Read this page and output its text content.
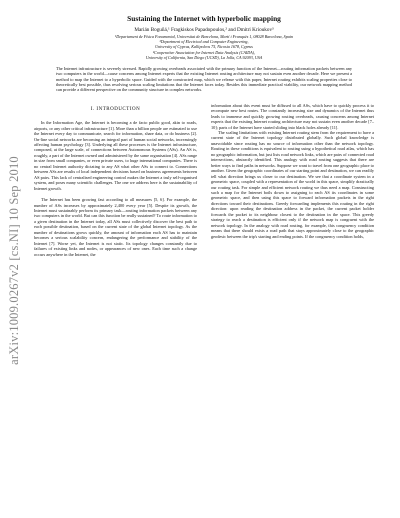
arXiv:1009.0267v2 [cs.NI] 10 Sep 2010
Sustaining the Internet with hyperbolic mapping
Marián Boguñá,¹ Fragkiskos Papadopoulos,² and Dmitri Krioukov³
¹Departament de Física Fonamental, Universitat de Barcelona, Martí i Franquès 1, 08028 Barcelona, Spain
²Department of Electrical and Computer Engineering,
University of Cyprus, Kallipoleos 75, Nicosia 1678, Cyprus
³Cooperative Association for Internet Data Analysis (CAIDA),
University of California, San Diego (UCSD), La Jolla, CA 92093, USA
The Internet infrastructure is severely stressed. Rapidly growing overheads associated with the primary function of the Internet—routing information packets between any two computers in the world—cause concerns among Internet experts that the existing Internet routing architecture may not sustain even another decade. Here we present a method to map the Internet to a hyperbolic space. Guided with the constructed map, which we release with this paper, Internet routing exhibits scaling properties close to theoretically best possible, thus resolving serious scaling limitations that the Internet faces today. Besides this immediate practical viability, our network mapping method can provide a different perspective on the community structure in complex networks.
I. INTRODUCTION

In the Information Age, the Internet is becoming a de facto public good, akin to roads, airports, or any other critical infrastructure [1]. More than a billion people are estimated to use the Internet every day to communicate, search for information, share data, or do business [2]. On-line social networks are becoming an integral part of human social networks, increasingly affecting human psychology [3]. Underlying all these processes is the Internet infrastructure, composed, at the large scale, of connections between Autonomous Systems (ASs). An AS is, roughly, a part of the Internet owned and administered by the same organisation [4]. ASs range in size from small companies, or even private users, to huge international companies. There is no central Internet authority dictating to any AS what other ASs to connect to. Connections between ASs are results of local independent decisions based on business agreements between AS pairs. This lack of centralised engineering control makes the Internet a truly self-organised system, and poses many scientific challenges. The one we address here is the sustainability of Internet growth.

The Internet has been growing fast according to all measures [5, 6]. For example, the number of ASs increases by approximately 2,400 every year [5]. Despite its growth, the Internet must sustainably perform its primary task—routing information packets between any two computers in the world. But can this function be really sustained? To route information to a given destination in the Internet today, all ASs must collectively discover the best path to each possible destination, based on the current state of the global Internet topology. As the number of destinations grows quickly, the amount of information each AS has to maintain becomes a serious scalability concern, endangering the performance and stability of the Internet [7]. Worse yet, the Internet is not static. Its topology changes constantly due to failures of existing links and nodes, or appearances of new ones. Each time such a change occurs anywhere in the Internet, the

information about this event must be diffused to all ASs, which have to quickly process it to recompute new best routes. The constantly increasing size and dynamics of the Internet thus leads to immense and quickly growing routing overheads, causing concerns among Internet experts that the existing Internet routing architecture may not sustain even another decade [7–10]; parts of the Internet have started sliding into black holes already [11].

The scaling limitations with existing Internet routing stem from the requirement to have a current state of the Internet topology distributed globally. Such global knowledge is unavoidable since routing has no source of information other than the network topology. Routing in these conditions is equivalent to routing using a hypothetical road atlas, which has no geographic information, but just lists road network links, which are pairs of connected road intersections, abstractly identified. This analogy with road routing suggests that there are better ways to find paths in networks. Suppose we want to travel from one geographic place to another. Given the geographic coordinates of our starting point and destination, we can readily tell what direction brings us closer to our destination. We see that a coordinate system in a geometric space, coupled with a representation of the world in this space, simplify drastically our routing task. For simple and efficient network routing we thus need a map. Constructing such a map for the Internet boils down to assigning to each AS its coordinates in some geometric space, and then using this space to forward information packets in the right directions toward their destinations. Greedy forwarding implements this routing in the right direction: upon reading the destination address in the packet, the current packet holder forwards the packet to its neighbour closest to the destination in the space. This greedy strategy to reach a destination is efficient only if the network map is congruent with the network topology. In the analogy with road routing, for example, this congruency condition means that there should exists a road path that stays approximately close to the geographic geodesic between the trip's starting and ending points. If the congruency condition holds,
